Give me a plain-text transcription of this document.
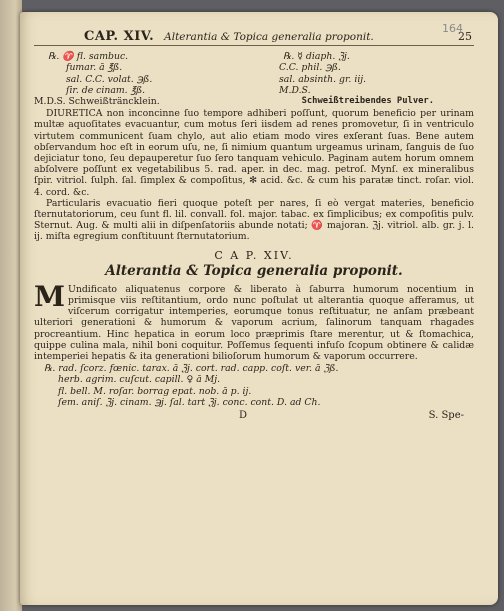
164
CAP. XIV. Alterantia & Topica generalia proponit.	25
℞. ♈ fl. sambuc.	℞. ☿ diaph. ℨj.
fumar. ā ℥ß.	C.C. phil. ℈ß.
sal. C.C. volat. ℈ß.	sal. absinth. gr. iij.
ſir. de cinam. ℥ß.	M.D.S.
M.D.S. Schweißträncklein.	Schweißtreibendes Pulver.
DIURETICA non inconcinne ſuo tempore adhiberi poſſunt, quorum beneficio per urinam multæ aquoſitates evacuantur, cum motus ſeri iisdem ad renes promovetur, ſi in ventriculo virtutem communicent ſuam chylo, aut alio etiam modo vires exſerant ſuas. Bene autem obſervandum hoc eſt in eorum uſu, ne, ſi nimium quantum urgeamus urinam, ſanguis de ſuo dejiciatur tono, ſeu depauperetur ſuo ſero tanquam vehiculo. Paginam autem horum omnem abſolvere poſſunt ex vegetabilibus 5. rad. aper. in dec. mag. petroſ. Mynſ. ex mineralibus ſpir. vitriol. ſulph. ſal. ſimplex & compoſitus, ✻ acid. &c. & cum his paratæ tinct. roſar. viol. 4. cord. &c.
Particularis evacuatio fieri quoque poteſt per nares, ſi eò vergat materies, beneficio ſternutatoriorum, ceu ſunt fl. lil. convall. fol. major. tabac. ex ſimplicibus; ex compoſitis pulv. Sternut. Aug. & multi alii in diſpenſatoriis abunde notati; ♈ majoran. ℨj. vitriol. alb. gr. j. l. ij. miſta egregium conſtituunt ſternutatorium.
C A P. XIV.
Alterantia & Topica generalia proponit.
M Undificato aliquatenus corpore & liberato à ſaburra humorum nocentium in primisque viis reſtitantium, ordo nunc poſtulat ut alterantia quoque afferamus, ut viſcerum corrigatur intemperies, eorumque tonus reſtituatur, ne anſam præbeant ulteriori generationi & humorum & vaporum acrium, ſalinorum tanquam rhagades procreantium. Hinc hepatica in eorum loco præprimis ſtare merentur, ut & ſtomachica, quippe culina mala, nihil boni coquitur. Poſſemus ſequenti infuſo ſcopum obtinere & calidæ intemperiei hepatis & ita generationi bilioſorum humorum & vaporum occurrere.
℞. rad. ſcorz. fœnic. tarax. ā ℨj. cort. rad. capp. coſt. ver. ā ℨß.
herb. agrim. cuſcut. capill. ♀ ā Mj.
fl. bell. M. roſar. borrag epat. nob. ā p. ij.
ſem. aniſ. ℨj. cinam. ℈j. ſal. tart ℨj. conc. cont. D. ad Ch.
D	S. Spe-
